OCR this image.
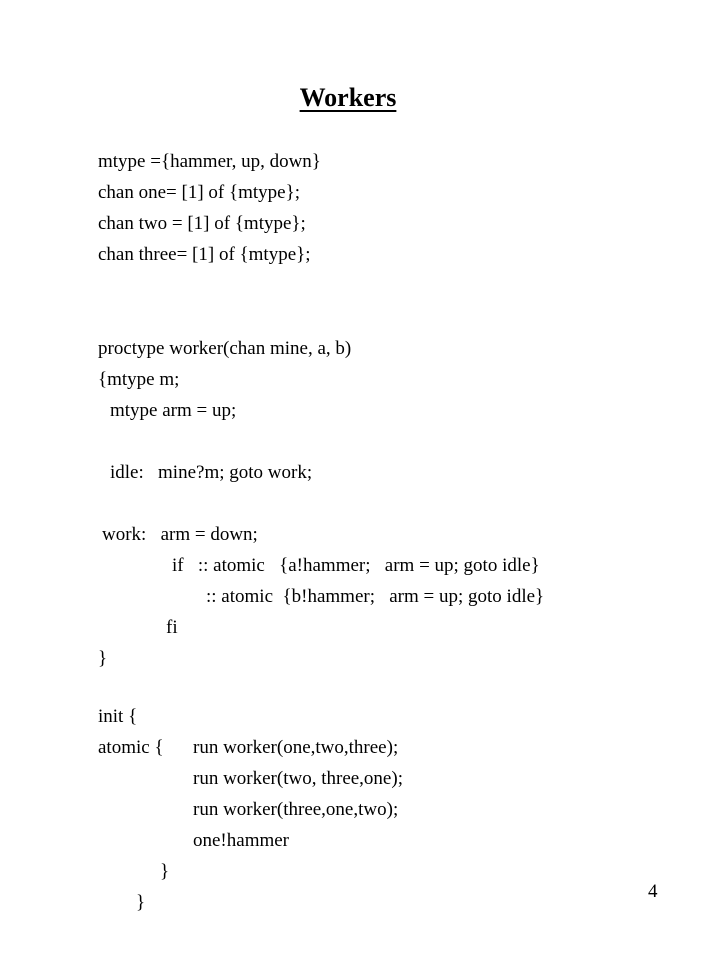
Workers
mtype ={hammer, up, down}
chan one= [1] of {mtype};
chan two = [1] of {mtype};
chan three= [1] of {mtype};
proctype worker(chan mine, a, b)
{mtype m;
mtype arm = up;
idle:   mine?m; goto work;
work:   arm = down;
if   :: atomic   {a!hammer;   arm = up; goto idle}
:: atomic  {b!hammer;   arm = up; goto idle}
fi
}
init {
atomic { run worker(one,two,three);
run worker(two, three,one);
run worker(three,one,two);
one!hammer
}
}
4
